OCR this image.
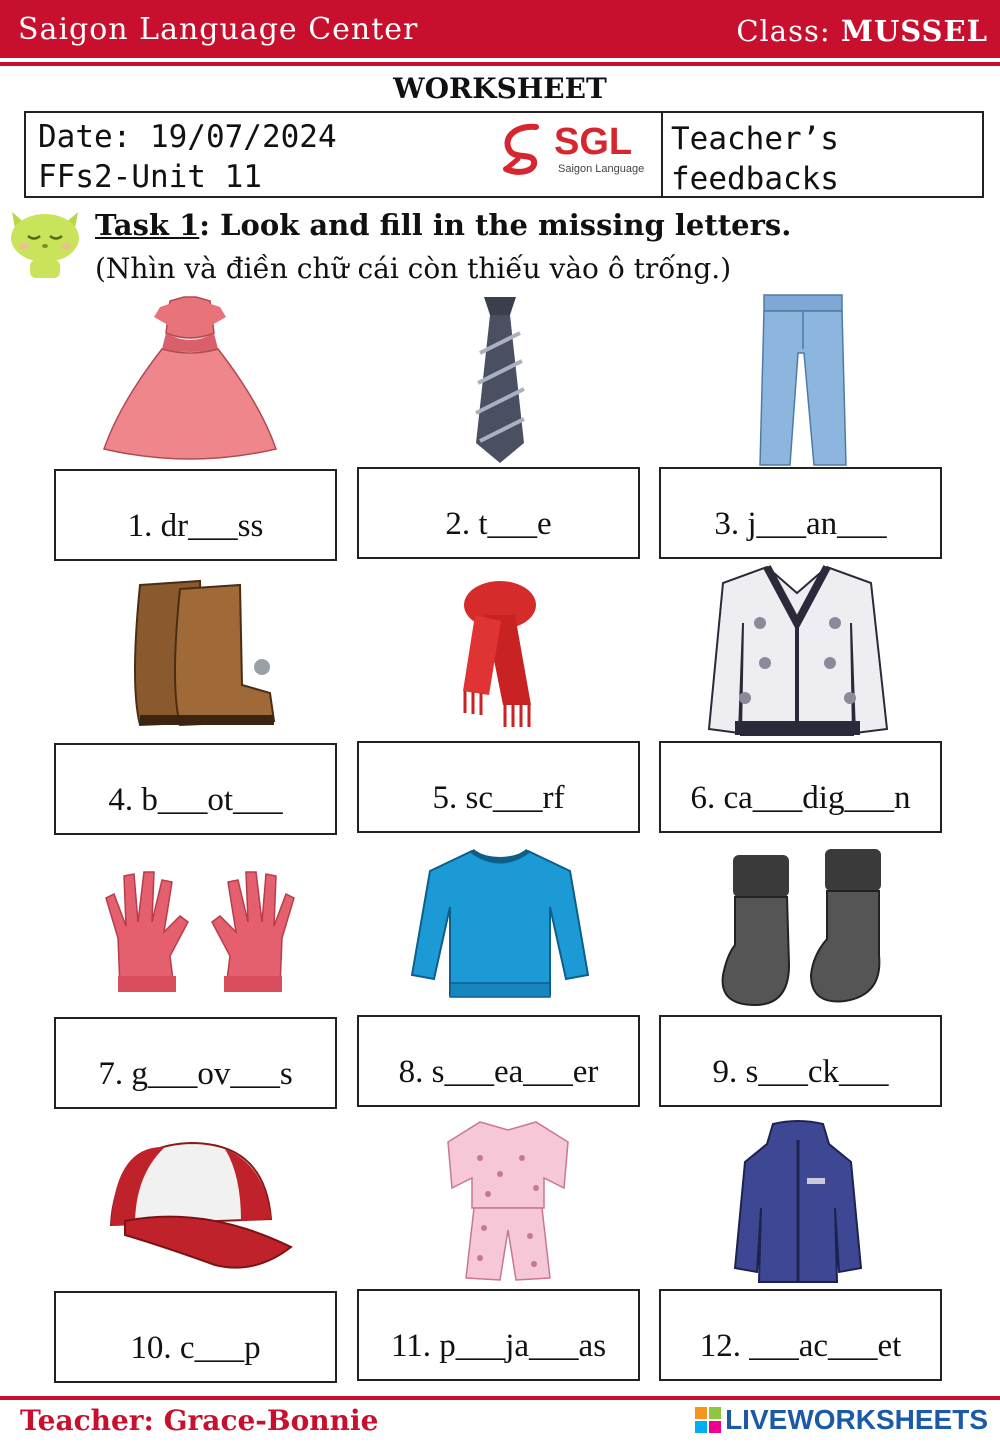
Saigon Language Center	Class: MUSSEL
WORKSHEET
Date: 19/07/2024
FFs2-Unit 11
SGL
Saigon Language
Teacher’s
feedbacks
Task 1: Look and fill in the missing letters.
(Nhìn và điền chữ cái còn thiếu vào ô trống.)
1. dr___ss	2. t___e	3. j___an___
4. b___ot___	5. sc___rf	6. ca___dig___n
7. g___ov___s	8. s___ea___er	9. s___ck___
10. c___p	11. p___ja___as	12. ___ac___et
Teacher: Grace-Bonnie	LIVEWORKSHEETS
